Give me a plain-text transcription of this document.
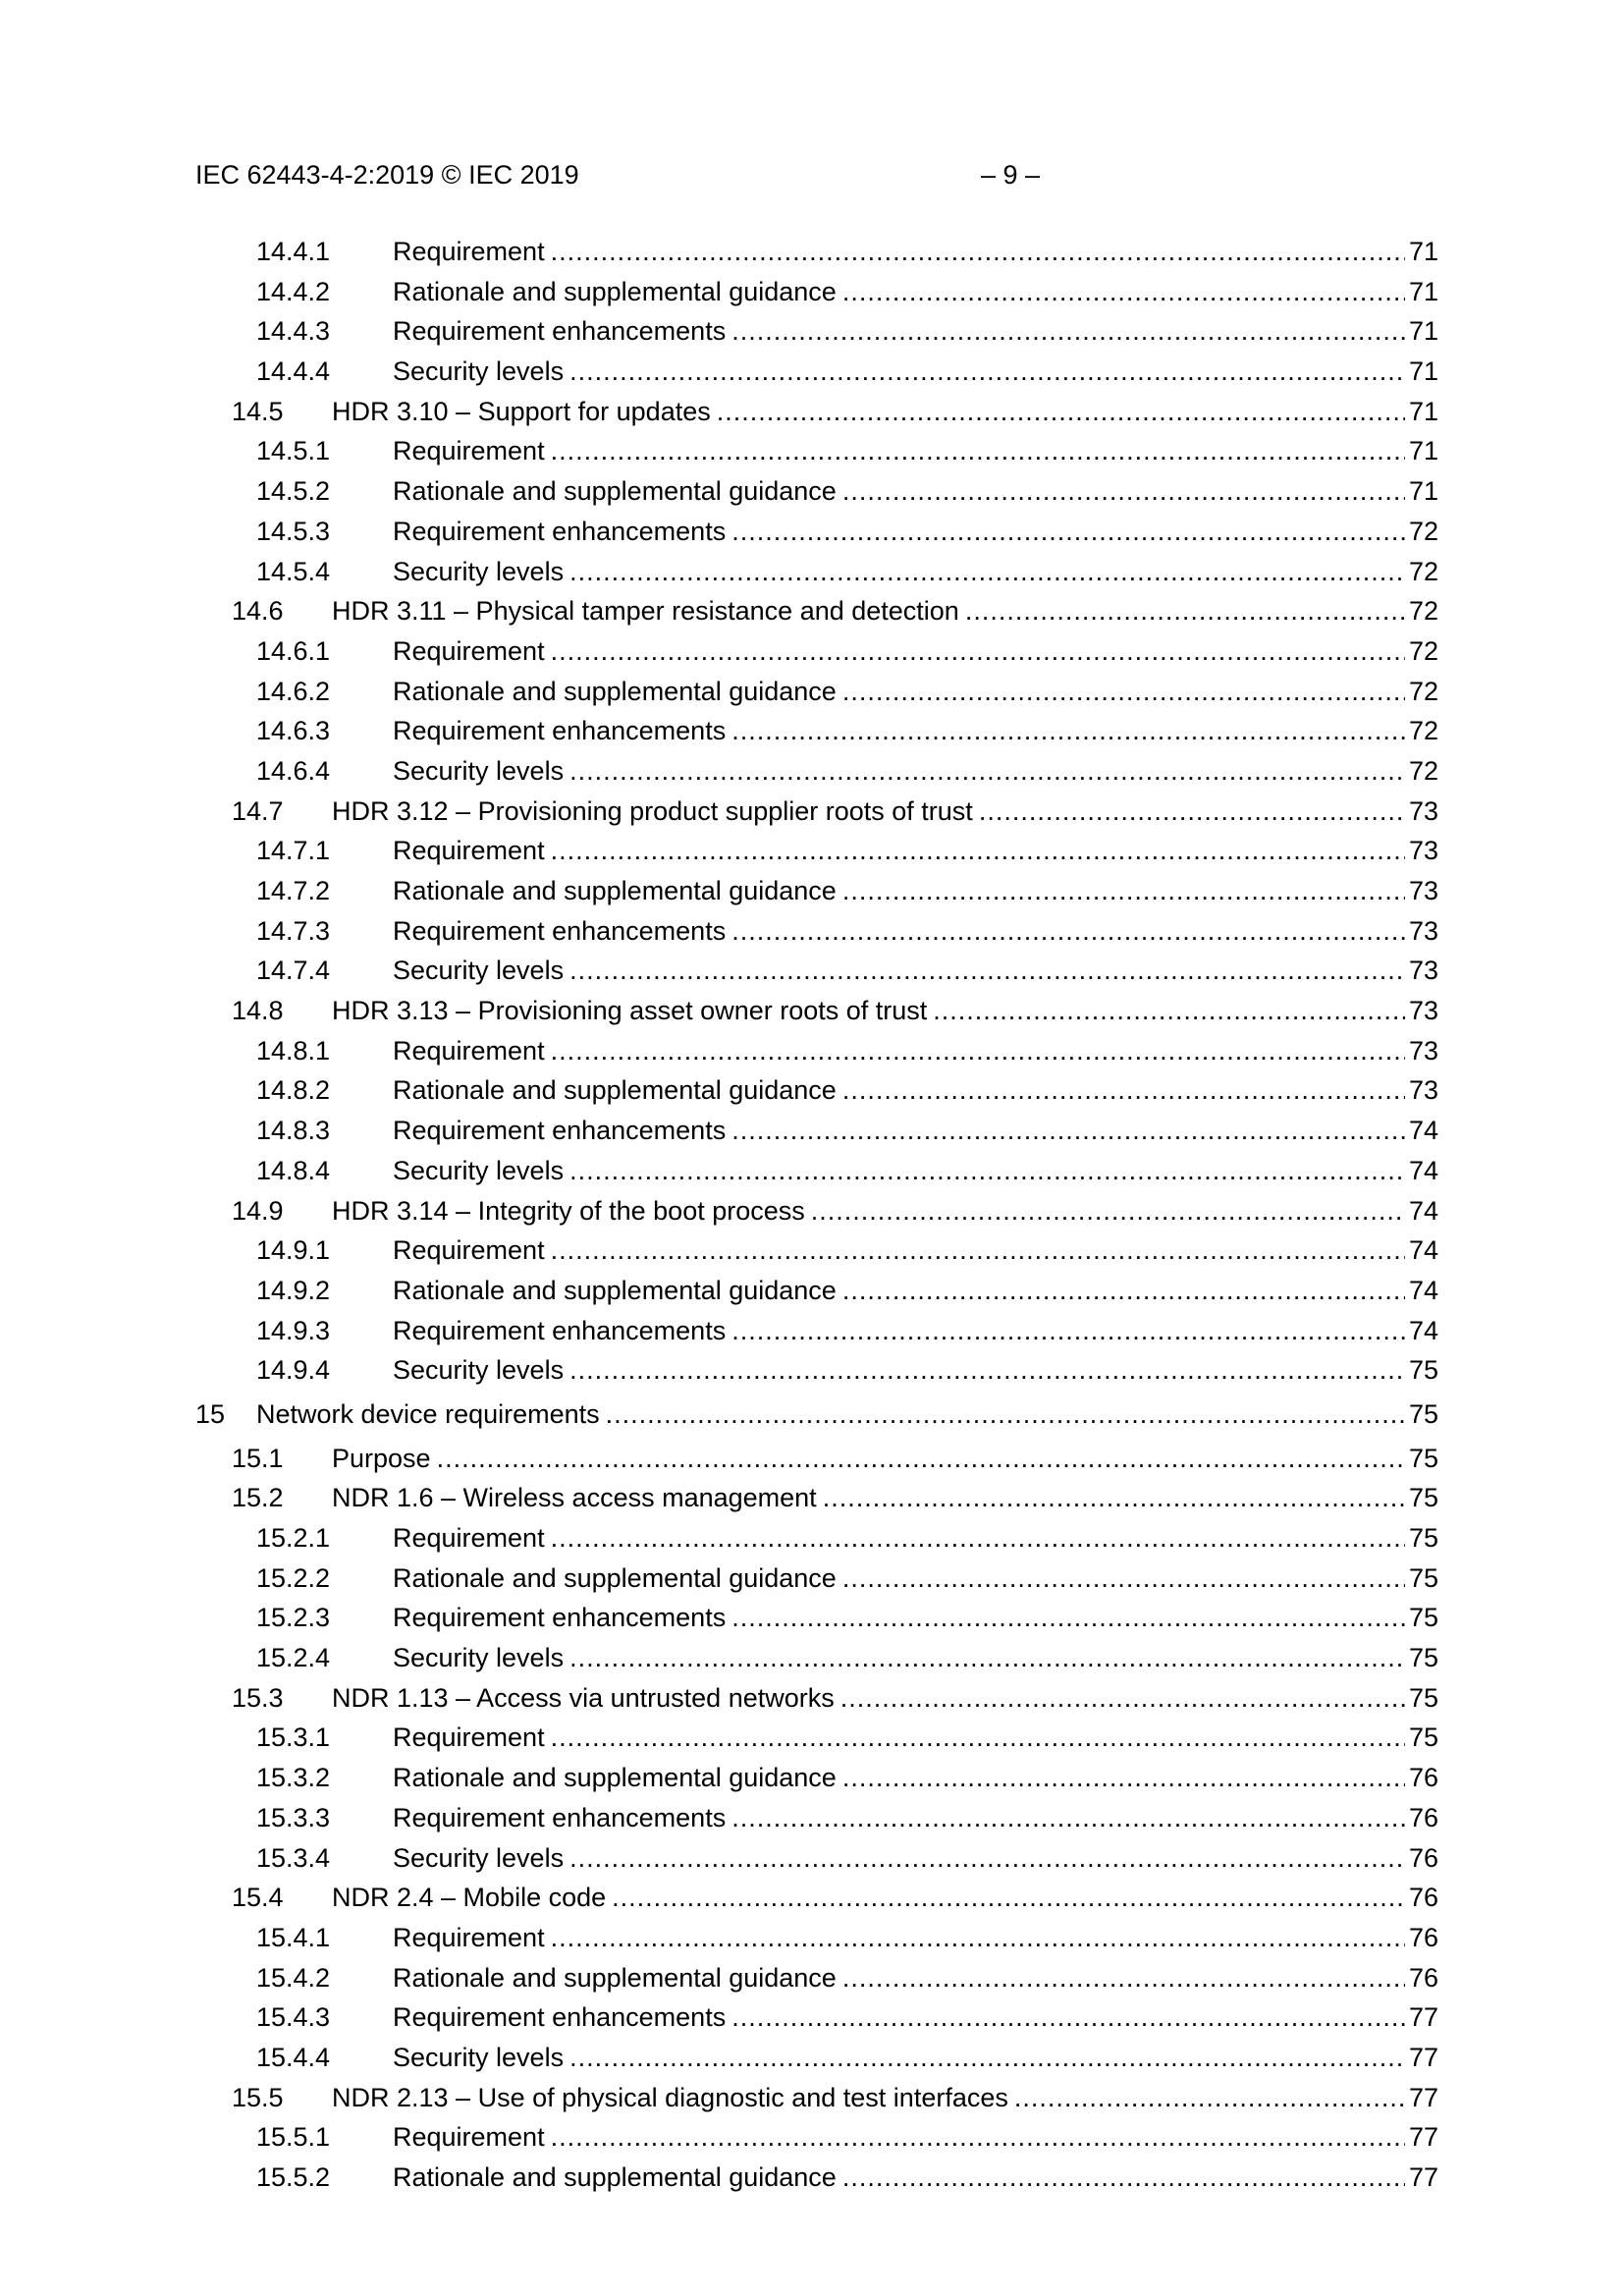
IEC 62443-4-2:2019 © IEC 2019	– 9 –
14.4.1	Requirement .....	71
14.4.2	Rationale and supplemental guidance .....	71
14.4.3	Requirement enhancements .....	71
14.4.4	Security levels .....	71
14.5	HDR 3.10 – Support for updates .....	71
14.5.1	Requirement .....	71
14.5.2	Rationale and supplemental guidance .....	71
14.5.3	Requirement enhancements .....	72
14.5.4	Security levels .....	72
14.6	HDR 3.11 – Physical tamper resistance and detection .....	72
14.6.1	Requirement .....	72
14.6.2	Rationale and supplemental guidance .....	72
14.6.3	Requirement enhancements .....	72
14.6.4	Security levels .....	72
14.7	HDR 3.12 – Provisioning product supplier roots of trust .....	73
14.7.1	Requirement .....	73
14.7.2	Rationale and supplemental guidance .....	73
14.7.3	Requirement enhancements .....	73
14.7.4	Security levels .....	73
14.8	HDR 3.13 – Provisioning asset owner roots of trust .....	73
14.8.1	Requirement .....	73
14.8.2	Rationale and supplemental guidance .....	73
14.8.3	Requirement enhancements .....	74
14.8.4	Security levels .....	74
14.9	HDR 3.14 – Integrity of the boot process .....	74
14.9.1	Requirement .....	74
14.9.2	Rationale and supplemental guidance .....	74
14.9.3	Requirement enhancements .....	74
14.9.4	Security levels .....	75
15	Network device requirements .....	75
15.1	Purpose .....	75
15.2	NDR 1.6 – Wireless access management .....	75
15.2.1	Requirement .....	75
15.2.2	Rationale and supplemental guidance .....	75
15.2.3	Requirement enhancements .....	75
15.2.4	Security levels .....	75
15.3	NDR 1.13 – Access via untrusted networks .....	75
15.3.1	Requirement .....	75
15.3.2	Rationale and supplemental guidance .....	76
15.3.3	Requirement enhancements .....	76
15.3.4	Security levels .....	76
15.4	NDR 2.4 – Mobile code .....	76
15.4.1	Requirement .....	76
15.4.2	Rationale and supplemental guidance .....	76
15.4.3	Requirement enhancements .....	77
15.4.4	Security levels .....	77
15.5	NDR 2.13 – Use of physical diagnostic and test interfaces .....	77
15.5.1	Requirement .....	77
15.5.2	Rationale and supplemental guidance .....	77
